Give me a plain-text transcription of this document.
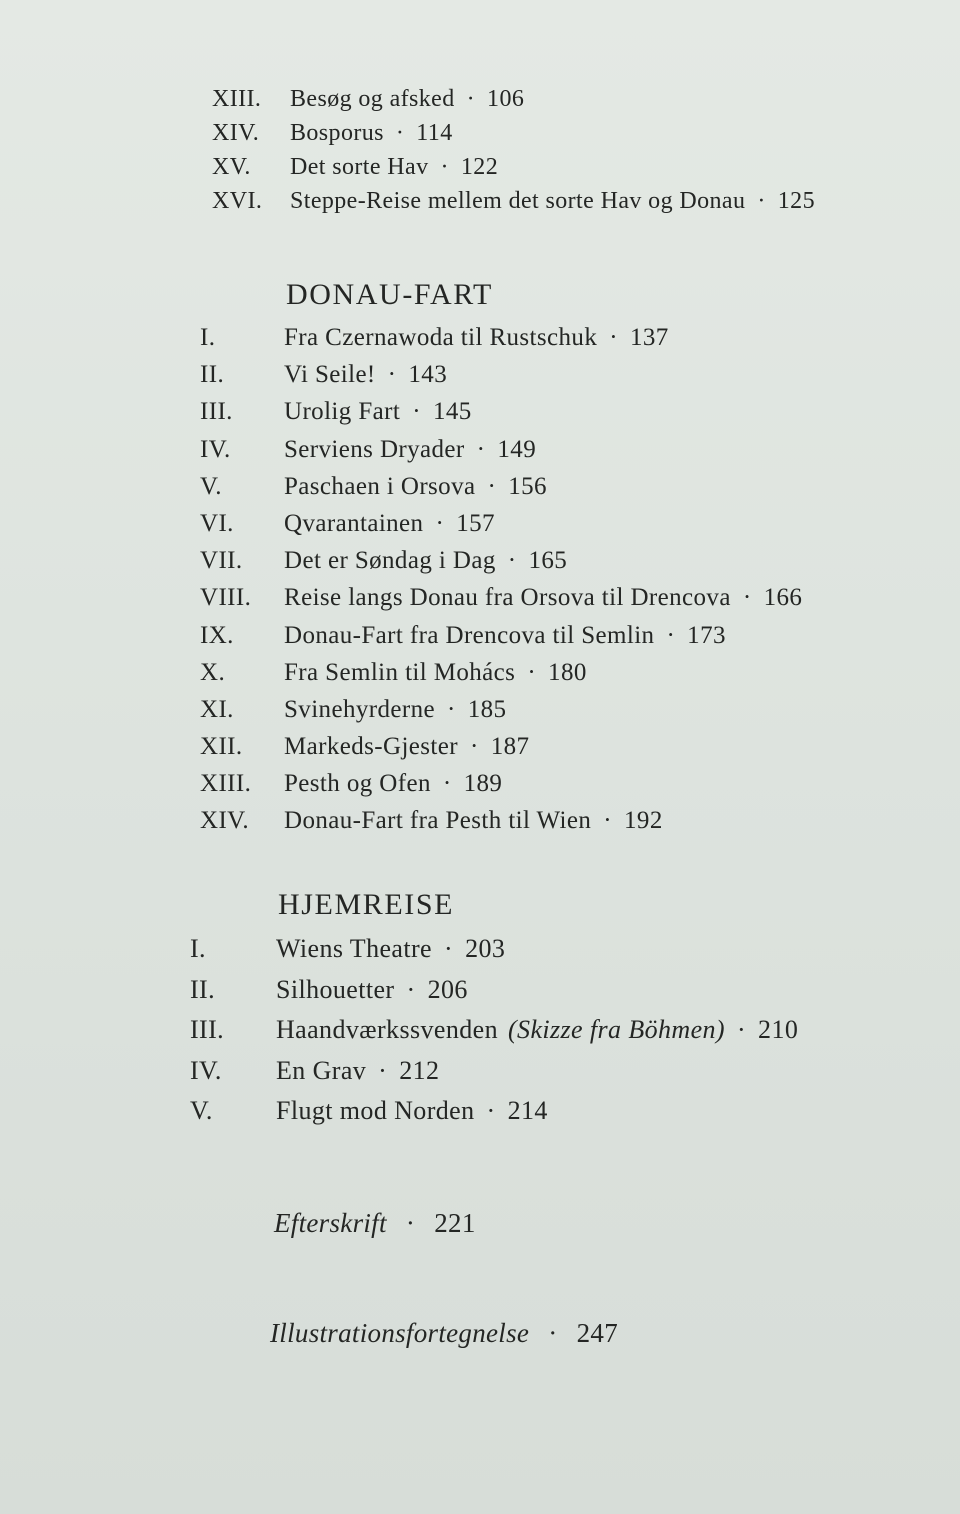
XIII.	Besøg og afsked · 106
XIV.	Bosporus · 114
XV.	Det sorte Hav · 122
XVI.	Steppe-Reise mellem det sorte Hav og Donau · 125
DONAU-FART
I.	Fra Czernawoda til Rustschuk · 137
II.	Vi Seile! · 143
III.	Urolig Fart · 145
IV.	Serviens Dryader · 149
V.	Paschaen i Orsova · 156
VI.	Qvarantainen · 157
VII.	Det er Søndag i Dag · 165
VIII.	Reise langs Donau fra Orsova til Drencova · 166
IX.	Donau-Fart fra Drencova til Semlin · 173
X.	Fra Semlin til Mohács · 180
XI.	Svinehyrderne · 185
XII.	Markeds-Gjester · 187
XIII.	Pesth og Ofen · 189
XIV.	Donau-Fart fra Pesth til Wien · 192
HJEMREISE
I.	Wiens Theatre · 203
II.	Silhouetter · 206
III.	Haandværkssvenden (Skizze fra Böhmen) · 210
IV.	En Grav · 212
V.	Flugt mod Norden · 214
Efterskrift · 221
Illustrationsfortegnelse · 247
